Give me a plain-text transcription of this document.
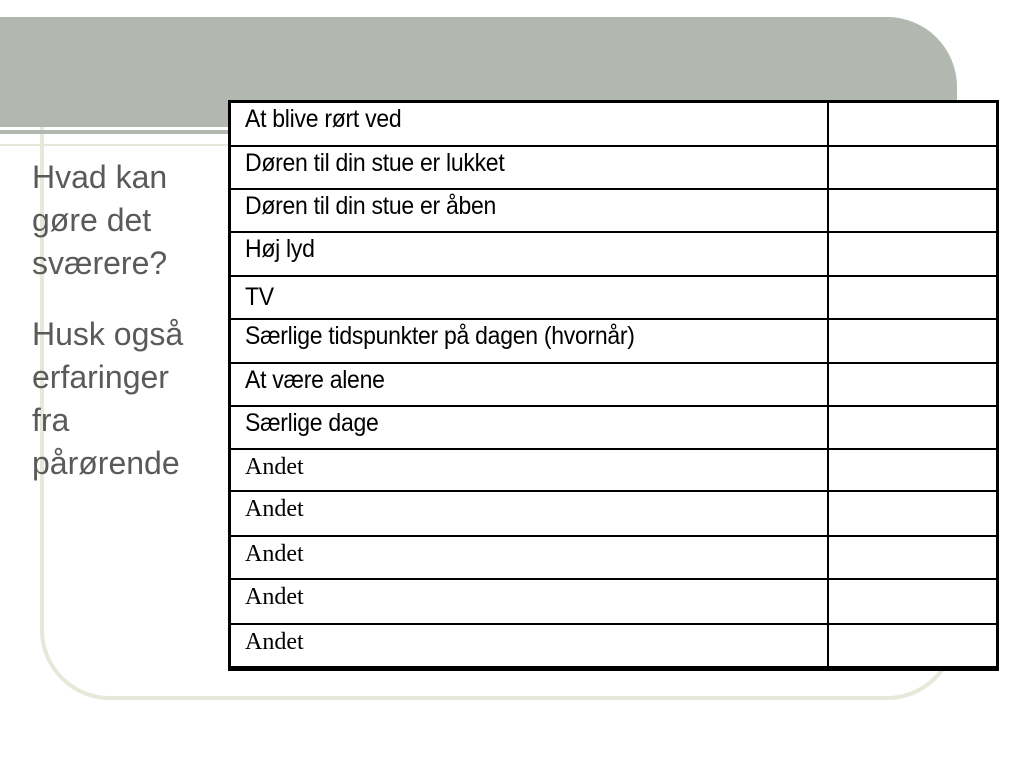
Hvad kan

gøre det

sværere?

Husk også

erfaringer

fra

pårørende

At blive rørt ved
Døren til din stue er lukket
Døren til din stue er åben
Høj lyd
TV
Særlige tidspunkter på dagen (hvornår)
At være alene
Særlige dage
Andet
Andet
Andet
Andet
Andet
